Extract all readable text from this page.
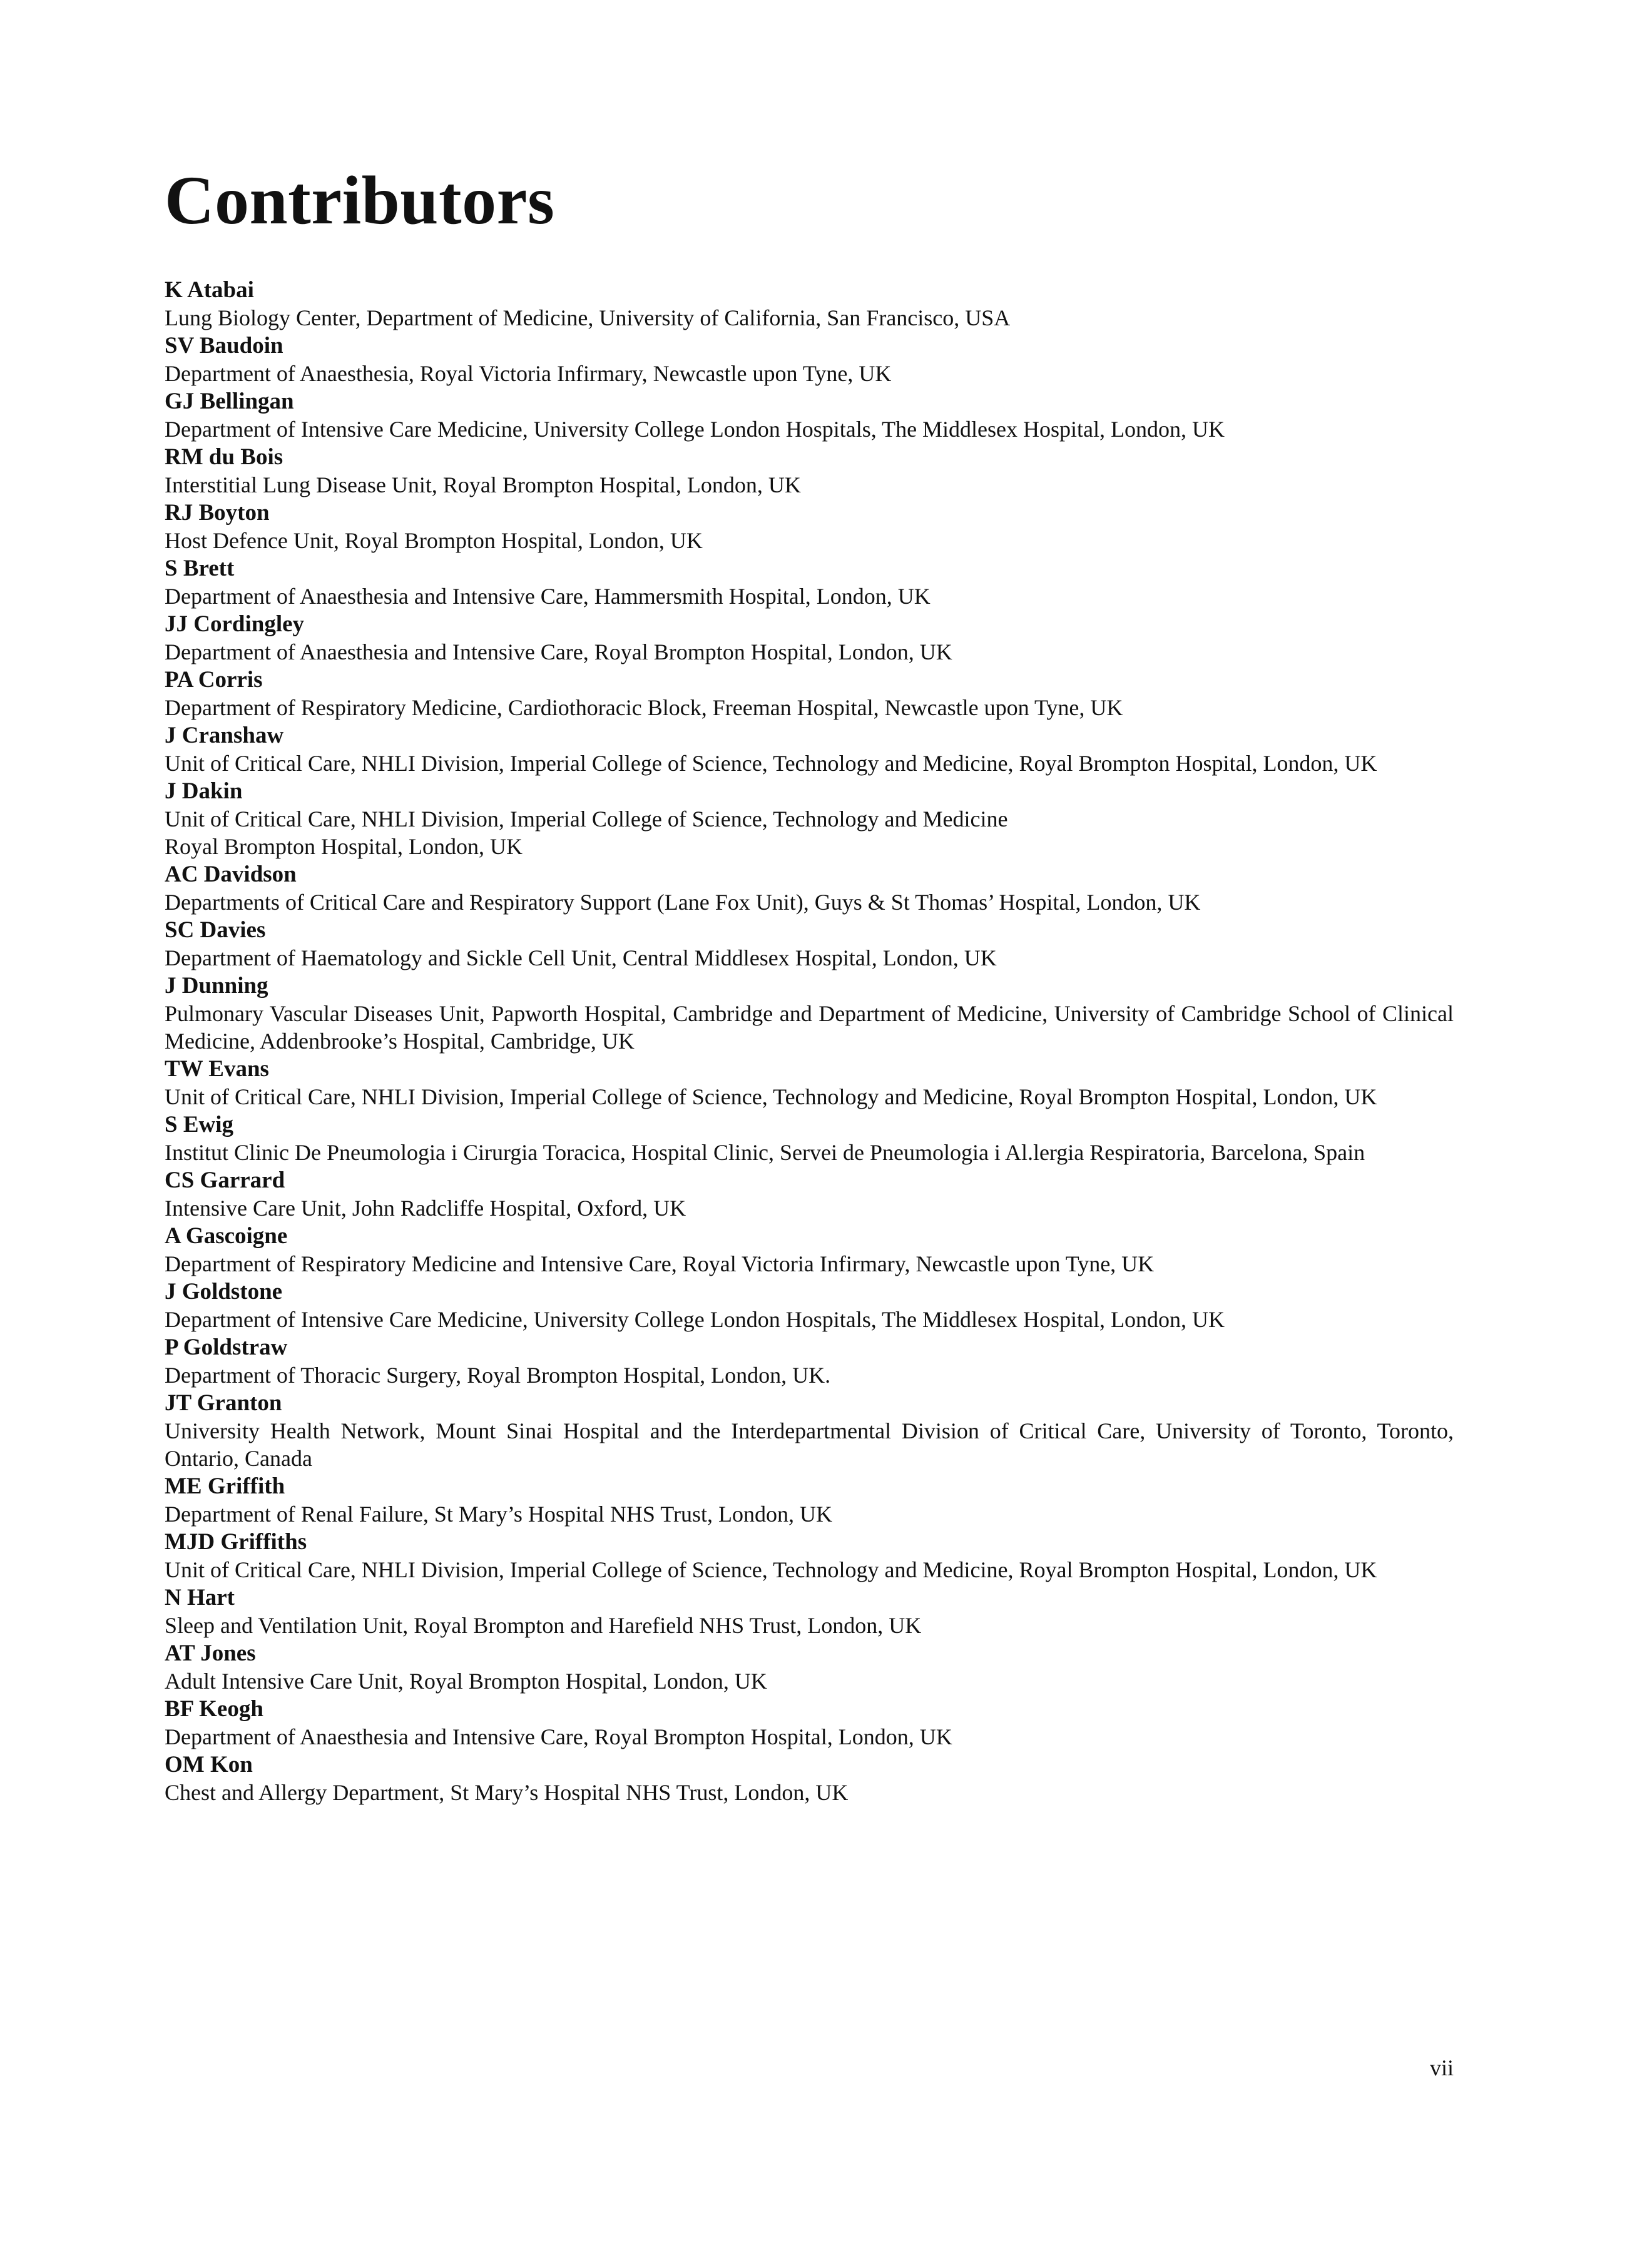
Contributors
K Atabai
Lung Biology Center, Department of Medicine, University of California, San Francisco, USA
SV Baudoin
Department of Anaesthesia, Royal Victoria Infirmary, Newcastle upon Tyne, UK
GJ Bellingan
Department of Intensive Care Medicine, University College London Hospitals, The Middlesex Hospital, London, UK
RM du Bois
Interstitial Lung Disease Unit, Royal Brompton Hospital, London, UK
RJ Boyton
Host Defence Unit, Royal Brompton Hospital, London, UK
S Brett
Department of Anaesthesia and Intensive Care, Hammersmith Hospital, London, UK
JJ Cordingley
Department of Anaesthesia and Intensive Care, Royal Brompton Hospital, London, UK
PA Corris
Department of Respiratory Medicine, Cardiothoracic Block, Freeman Hospital, Newcastle upon Tyne, UK
J Cranshaw
Unit of Critical Care, NHLI Division, Imperial College of Science, Technology and Medicine, Royal Brompton Hospital, London, UK
J Dakin
Unit of Critical Care, NHLI Division, Imperial College of Science, Technology and Medicine
Royal Brompton Hospital, London, UK
AC Davidson
Departments of Critical Care and Respiratory Support (Lane Fox Unit), Guys & St Thomas’ Hospital, London, UK
SC Davies
Department of Haematology and Sickle Cell Unit, Central Middlesex Hospital, London, UK
J Dunning
Pulmonary Vascular Diseases Unit, Papworth Hospital, Cambridge and Department of Medicine, University of Cambridge School of Clinical Medicine, Addenbrooke’s Hospital, Cambridge, UK
TW Evans
Unit of Critical Care, NHLI Division, Imperial College of Science, Technology and Medicine, Royal Brompton Hospital, London, UK
S Ewig
Institut Clinic De Pneumologia i Cirurgia Toracica, Hospital Clinic, Servei de Pneumologia i Al.lergia Respiratoria, Barcelona, Spain
CS Garrard
Intensive Care Unit, John Radcliffe Hospital, Oxford, UK
A Gascoigne
Department of Respiratory Medicine and Intensive Care, Royal Victoria Infirmary, Newcastle upon Tyne, UK
J Goldstone
Department of Intensive Care Medicine, University College London Hospitals, The Middlesex Hospital, London, UK
P Goldstraw
Department of Thoracic Surgery, Royal Brompton Hospital, London, UK.
JT Granton
University Health Network, Mount Sinai Hospital and the Interdepartmental Division of Critical Care, University of Toronto, Toronto, Ontario, Canada
ME Griffith
Department of Renal Failure, St Mary’s Hospital NHS Trust, London, UK
MJD Griffiths
Unit of Critical Care, NHLI Division, Imperial College of Science, Technology and Medicine, Royal Brompton Hospital, London, UK
N Hart
Sleep and Ventilation Unit, Royal Brompton and Harefield NHS Trust, London, UK
AT Jones
Adult Intensive Care Unit, Royal Brompton Hospital, London, UK
BF Keogh
Department of Anaesthesia and Intensive Care, Royal Brompton Hospital, London, UK
OM Kon
Chest and Allergy Department, St Mary’s Hospital NHS Trust, London, UK
vii
